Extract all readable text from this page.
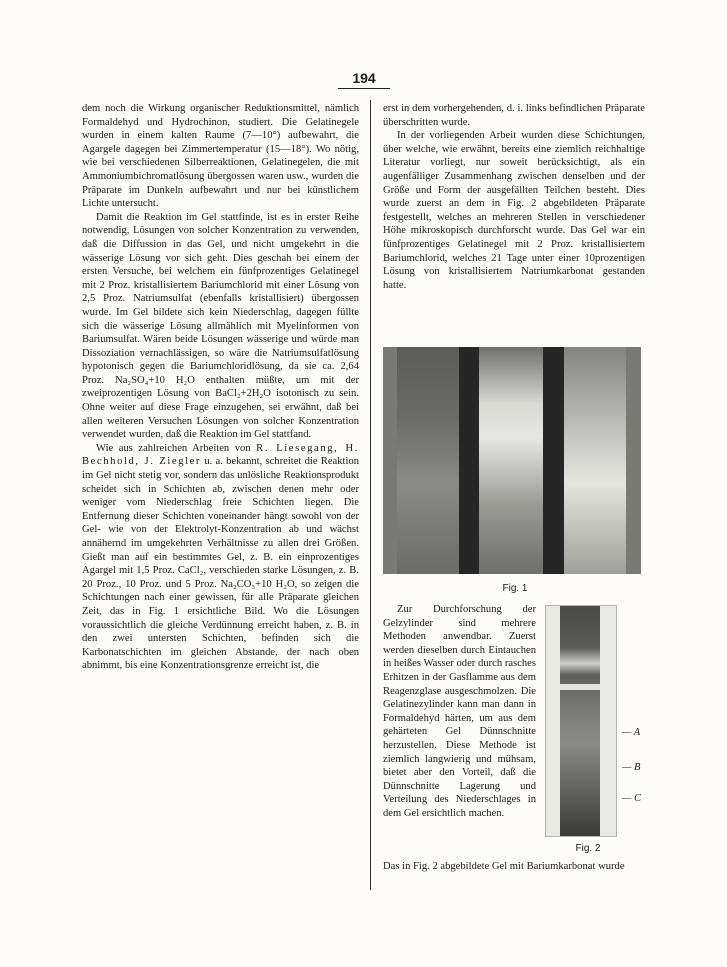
194

dem noch die Wirkung organischer Reduktionsmittel, nämlich Formaldehyd und Hydrochinon, studiert. Die Gelatinegele wurden in einem kalten Raume (7—10°) aufbewahrt, die Agargele dagegen bei Zimmertemperatur (15—18°). Wo nötig, wie bei verschiedenen Silberreaktionen, Gelatinegelen, die mit Ammoniumbichromatlösung übergossen waren usw., wurden die Präparate im Dunkeln aufbewahrt und nur bei künstlichem Lichte untersucht.

Damit die Reaktion im Gel stattfinde, ist es in erster Reihe notwendig, Lösungen von solcher Konzentration zu verwenden, daß die Diffussion in das Gel, und nicht umgekehrt in die wässerige Lösung vor sich geht. Dies geschah bei einem der ersten Versuche, bei welchem ein fünfprozentiges Gelatinegel mit 2 Proz. kristallisiertem Bariumchlorid mit einer Lösung von 2,5 Proz. Natriumsulfat (ebenfalls kristallisiert) übergossen wurde. Im Gel bildete sich kein Niederschlag, dagegen füllte sich die wässerige Lösung allmählich mit Myelinformen von Bariumsulfat. Wären beide Lösungen wässerige und würde man Dissoziation vernachlässigen, so wäre die Natriumsulfatlösung hypotonisch gegen die Bariumchloridlösung, da sie ca. 2,64 Proz. Na₂SO₄+10 H₂O enthalten müßte, um mit der zweiprozentigen Lösung von BaCl₂+2H₂O isotonisch zu sein. Ohne weiter auf diese Frage einzugehen, sei erwähnt, daß bei allen weiteren Versuchen Lösungen von solcher Konzentration verwendet wurden, daß die Reaktion im Gel stattfand.

Wie aus zahlreichen Arbeiten von R. Liesegang, H. Bechhold, J. Ziegler u. a. bekannt, schreitet die Reaktion im Gel nicht stetig vor, sondern das unlösliche Reaktionsprodukt scheidet sich in Schichten ab, zwischen denen mehr oder weniger vom Niederschlag freie Schichten liegen. Die Entfernung dieser Schichten voneinander hängt sowohl von der Gel- wie von der Elektrolyt-Konzentration ab und wächst annähernd im umgekehrten Verhältnisse zu allen drei Größen. Gießt man auf ein bestimmtes Gel, z. B. ein einprozentiges Agargel mit 1,5 Proz. CaCl₂, verschieden starke Lösungen, z. B. 20 Proz., 10 Proz. und 5 Proz. Na₂CO₃+10 H₂O, so zeigen die Schichtungen nach einer gewissen, für alle Präparate gleichen Zeit, das in Fig. 1 ersichtliche Bild. Wo die Lösungen voraussichtlich die gleiche Verdünnung erreicht haben, z. B. in den zwei untersten Schichten, befinden sich die Karbonatschichten im gleichen Abstande, der nach oben abnimmt, bis eine Konzentrationsgrenze erreicht ist, die

erst in dem vorhergehenden, d. i. links befindlichen Präparate überschritten wurde.

In der vorliegenden Arbeit wurden diese Schichtungen, über welche, wie erwähnt, bereits eine ziemlich reichhaltige Literatur vorliegt, nur soweit berücksichtigt, als ein augenfälliger Zusammenhang zwischen denselben und der Größe und Form der ausgefällten Teilchen besteht. Dies wurde zuerst an dem in Fig. 2 abgebildeten Präparate festgestellt, welches an mehreren Stellen in verschiedener Höhe mikroskopisch durchforscht wurde. Das Gel war ein fünfprozentiges Gelatinegel mit 2 Proz. kristallisiertem Bariumchlorid, welches 21 Tage unter einer 10prozentigen Lösung von kristallisiertem Natriumkarbonat gestanden hatte.

Fig. 1

Zur Durchforschung der Gelzylinder sind mehrere Methoden anwendbar. Zuerst werden dieselben durch Eintauchen in heißes Wasser oder durch rasches Erhitzen in der Gasflamme aus dem Reagenzglase ausgeschmolzen. Die Gelatinezylinder kann man dann in Formaldehyd härten, um aus dem gehärteten Gel Dünnschnitte herzustellen. Diese Methode ist ziemlich langwierig und mühsam, bietet aber den Vorteil, daß die Dünnschnitte Lagerung und Verteilung des Niederschlages in dem Gel ersichtlich machen.

— A
— B
— C
Fig. 2

Das in Fig. 2 abgebildete Gel mit Bariumkarbonat wurde
